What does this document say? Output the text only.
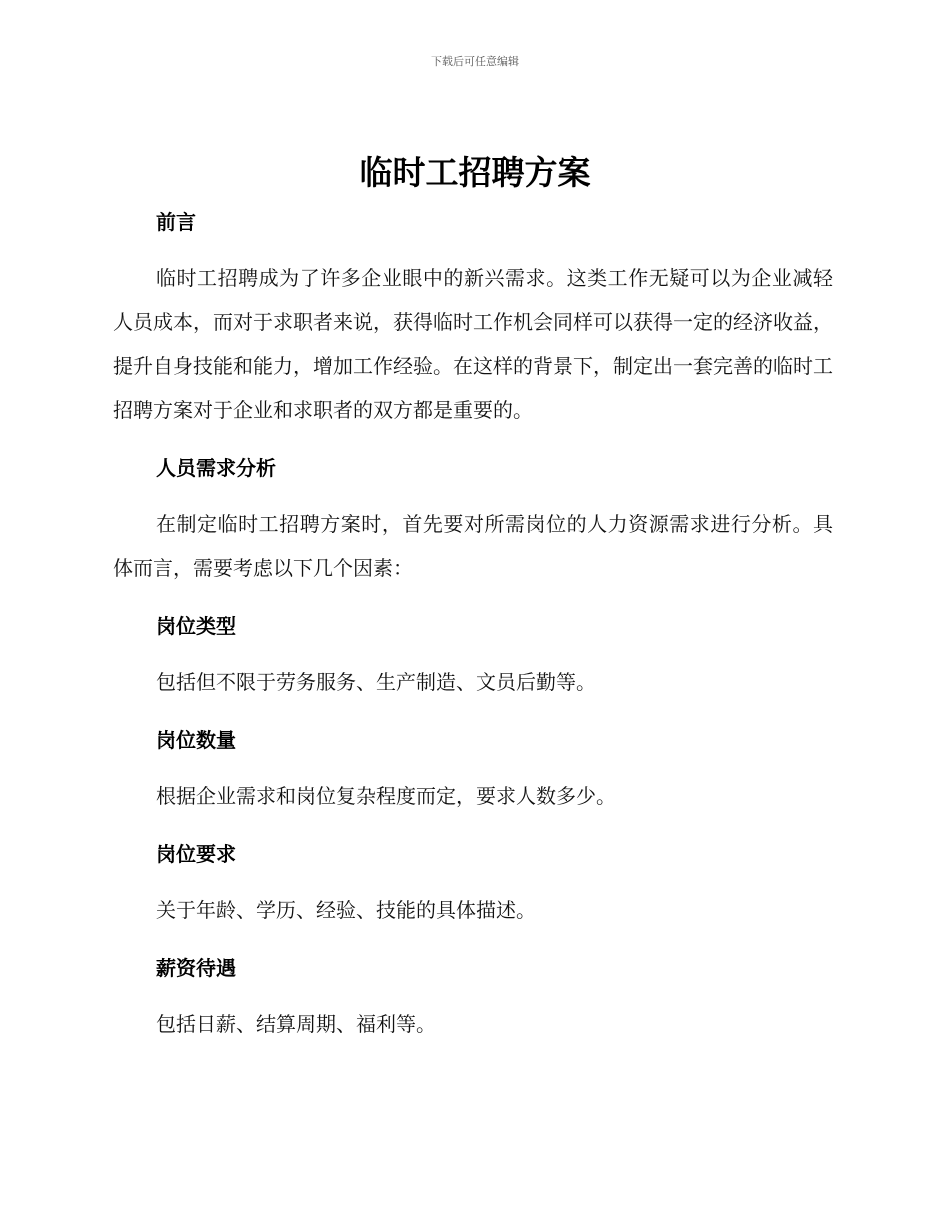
下载后可任意编辑
临时工招聘方案

前言

临时工招聘成为了许多企业眼中的新兴需求。这类工作无疑可以为企业减轻人员成本，而对于求职者来说，获得临时工作机会同样可以获得一定的经济收益，提升自身技能和能力，增加工作经验。在这样的背景下，制定出一套完善的临时工招聘方案对于企业和求职者的双方都是重要的。

人员需求分析

在制定临时工招聘方案时，首先要对所需岗位的人力资源需求进行分析。具体而言，需要考虑以下几个因素：

岗位类型

包括但不限于劳务服务、生产制造、文员后勤等。

岗位数量

根据企业需求和岗位复杂程度而定，要求人数多少。

岗位要求

关于年龄、学历、经验、技能的具体描述。

薪资待遇

包括日薪、结算周期、福利等。
